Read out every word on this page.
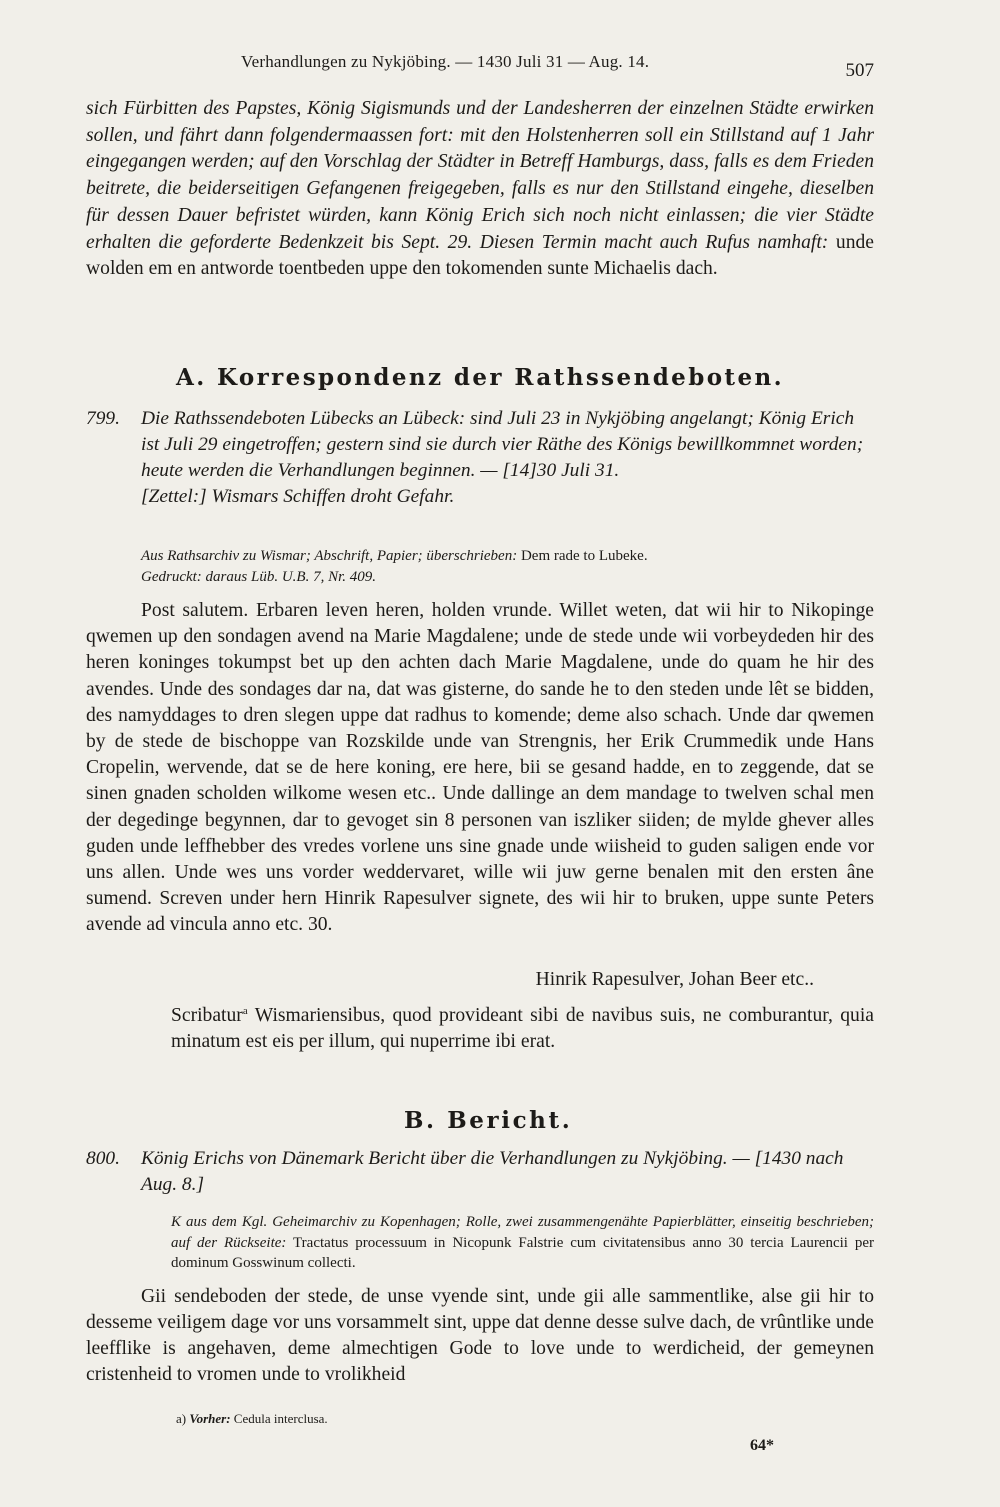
Verhandlungen zu Nykjöbing. — 1430 Juli 31 — Aug. 14.	507

sich Fürbitten des Papstes, König Sigismunds und der Landesherren der einzelnen Städte erwirken sollen, und fährt dann folgendermaassen fort: mit den Holstenherren soll ein Stillstand auf 1 Jahr eingegangen werden; auf den Vorschlag der Städter in Betreff Hamburgs, dass, falls es dem Frieden beitrete, die beiderseitigen Gefangenen freigegeben, falls es nur den Stillstand eingehe, dieselben für dessen Dauer befristet würden, kann König Erich sich noch nicht einlassen; die vier Städte erhalten die geforderte Bedenkzeit bis Sept. 29. Diesen Termin macht auch Rufus namhaft: unde wolden em en antworde toentbeden uppe den tokomenden sunte Michaelis dach.

A. Korrespondenz der Rathssendeboten.
799. Die Rathssendeboten Lübecks an Lübeck: sind Juli 23 in Nykjöbing angelangt; König Erich ist Juli 29 eingetroffen; gestern sind sie durch vier Räthe des Königs bewillkommnet worden; heute werden die Verhandlungen beginnen. — [14]30 Juli 31.

[Zettel:] Wismars Schiffen droht Gefahr.

Aus Rathsarchiv zu Wismar; Abschrift, Papier; überschrieben: Dem rade to Lubeke.

Gedruckt: daraus Lüb. U.B. 7, Nr. 409.

Post salutem. Erbaren leven heren, holden vrunde. Willet weten, dat wii hir to Nikopinge qwemen up den sondagen avend na Marie Magdalene; unde de stede unde wii vorbeydeden hir des heren koninges tokumpst bet up den achten dach Marie Magdalene, unde do quam he hir des avendes. Unde des sondages dar na, dat was gisterne, do sande he to den steden unde lêt se bidden, des namyddages to dren slegen uppe dat radhus to komende; deme also schach. Unde dar qwemen by de stede de bischoppe van Rozskilde unde van Strengnis, her Erik Crummedik unde Hans Cropelin, wervende, dat se de here koning, ere here, bii se gesand hadde, en to zeggende, dat se sinen gnaden scholden wilkome wesen etc.. Unde dallinge an dem mandage to twelven schal men der degedinge begynnen, dar to gevoget sin 8 personen van iszliker siiden; de mylde ghever alles guden unde leffhebber des vredes vorlene uns sine gnade unde wiisheid to guden saligen ende vor uns allen. Unde wes uns vorder weddervaret, wille wii juw gerne benalen mit den ersten âne sumend. Screven under hern Hinrik Rapesulver signete, des wii hir to bruken, uppe sunte Peters avende ad vincula anno etc. 30.

Hinrik Rapesulver, Johan Beer etc..

Scribatur$^a$ Wismariensibus, quod provideant sibi de navibus suis, ne comburantur, quia minatum est eis per illum, qui nuperrime ibi erat.

B. Bericht.
800. König Erichs von Dänemark Bericht über die Verhandlungen zu Nykjöbing. — [1430 nach Aug. 8.]

K aus dem Kgl. Geheimarchiv zu Kopenhagen; Rolle, zwei zusammengenähte Papierblätter, einseitig beschrieben; auf der Rückseite: Tractatus processuum in Nicopunk Falstrie cum civitatensibus anno 30 tercia Laurencii per dominum Gosswinum collecti.

Gii sendeboden der stede, de unse vyende sint, unde gii alle sammentlike, alse gii hir to desseme veiligem dage vor uns vorsammelt sint, uppe dat denne desse sulve dach, de vrûntlike unde leefflike is angehaven, deme almechtigen Gode to love unde to werdicheid, der gemeynen cristenheid to vromen unde to vrolikheid

a) Vorher: Cedula interclusa.
64*
